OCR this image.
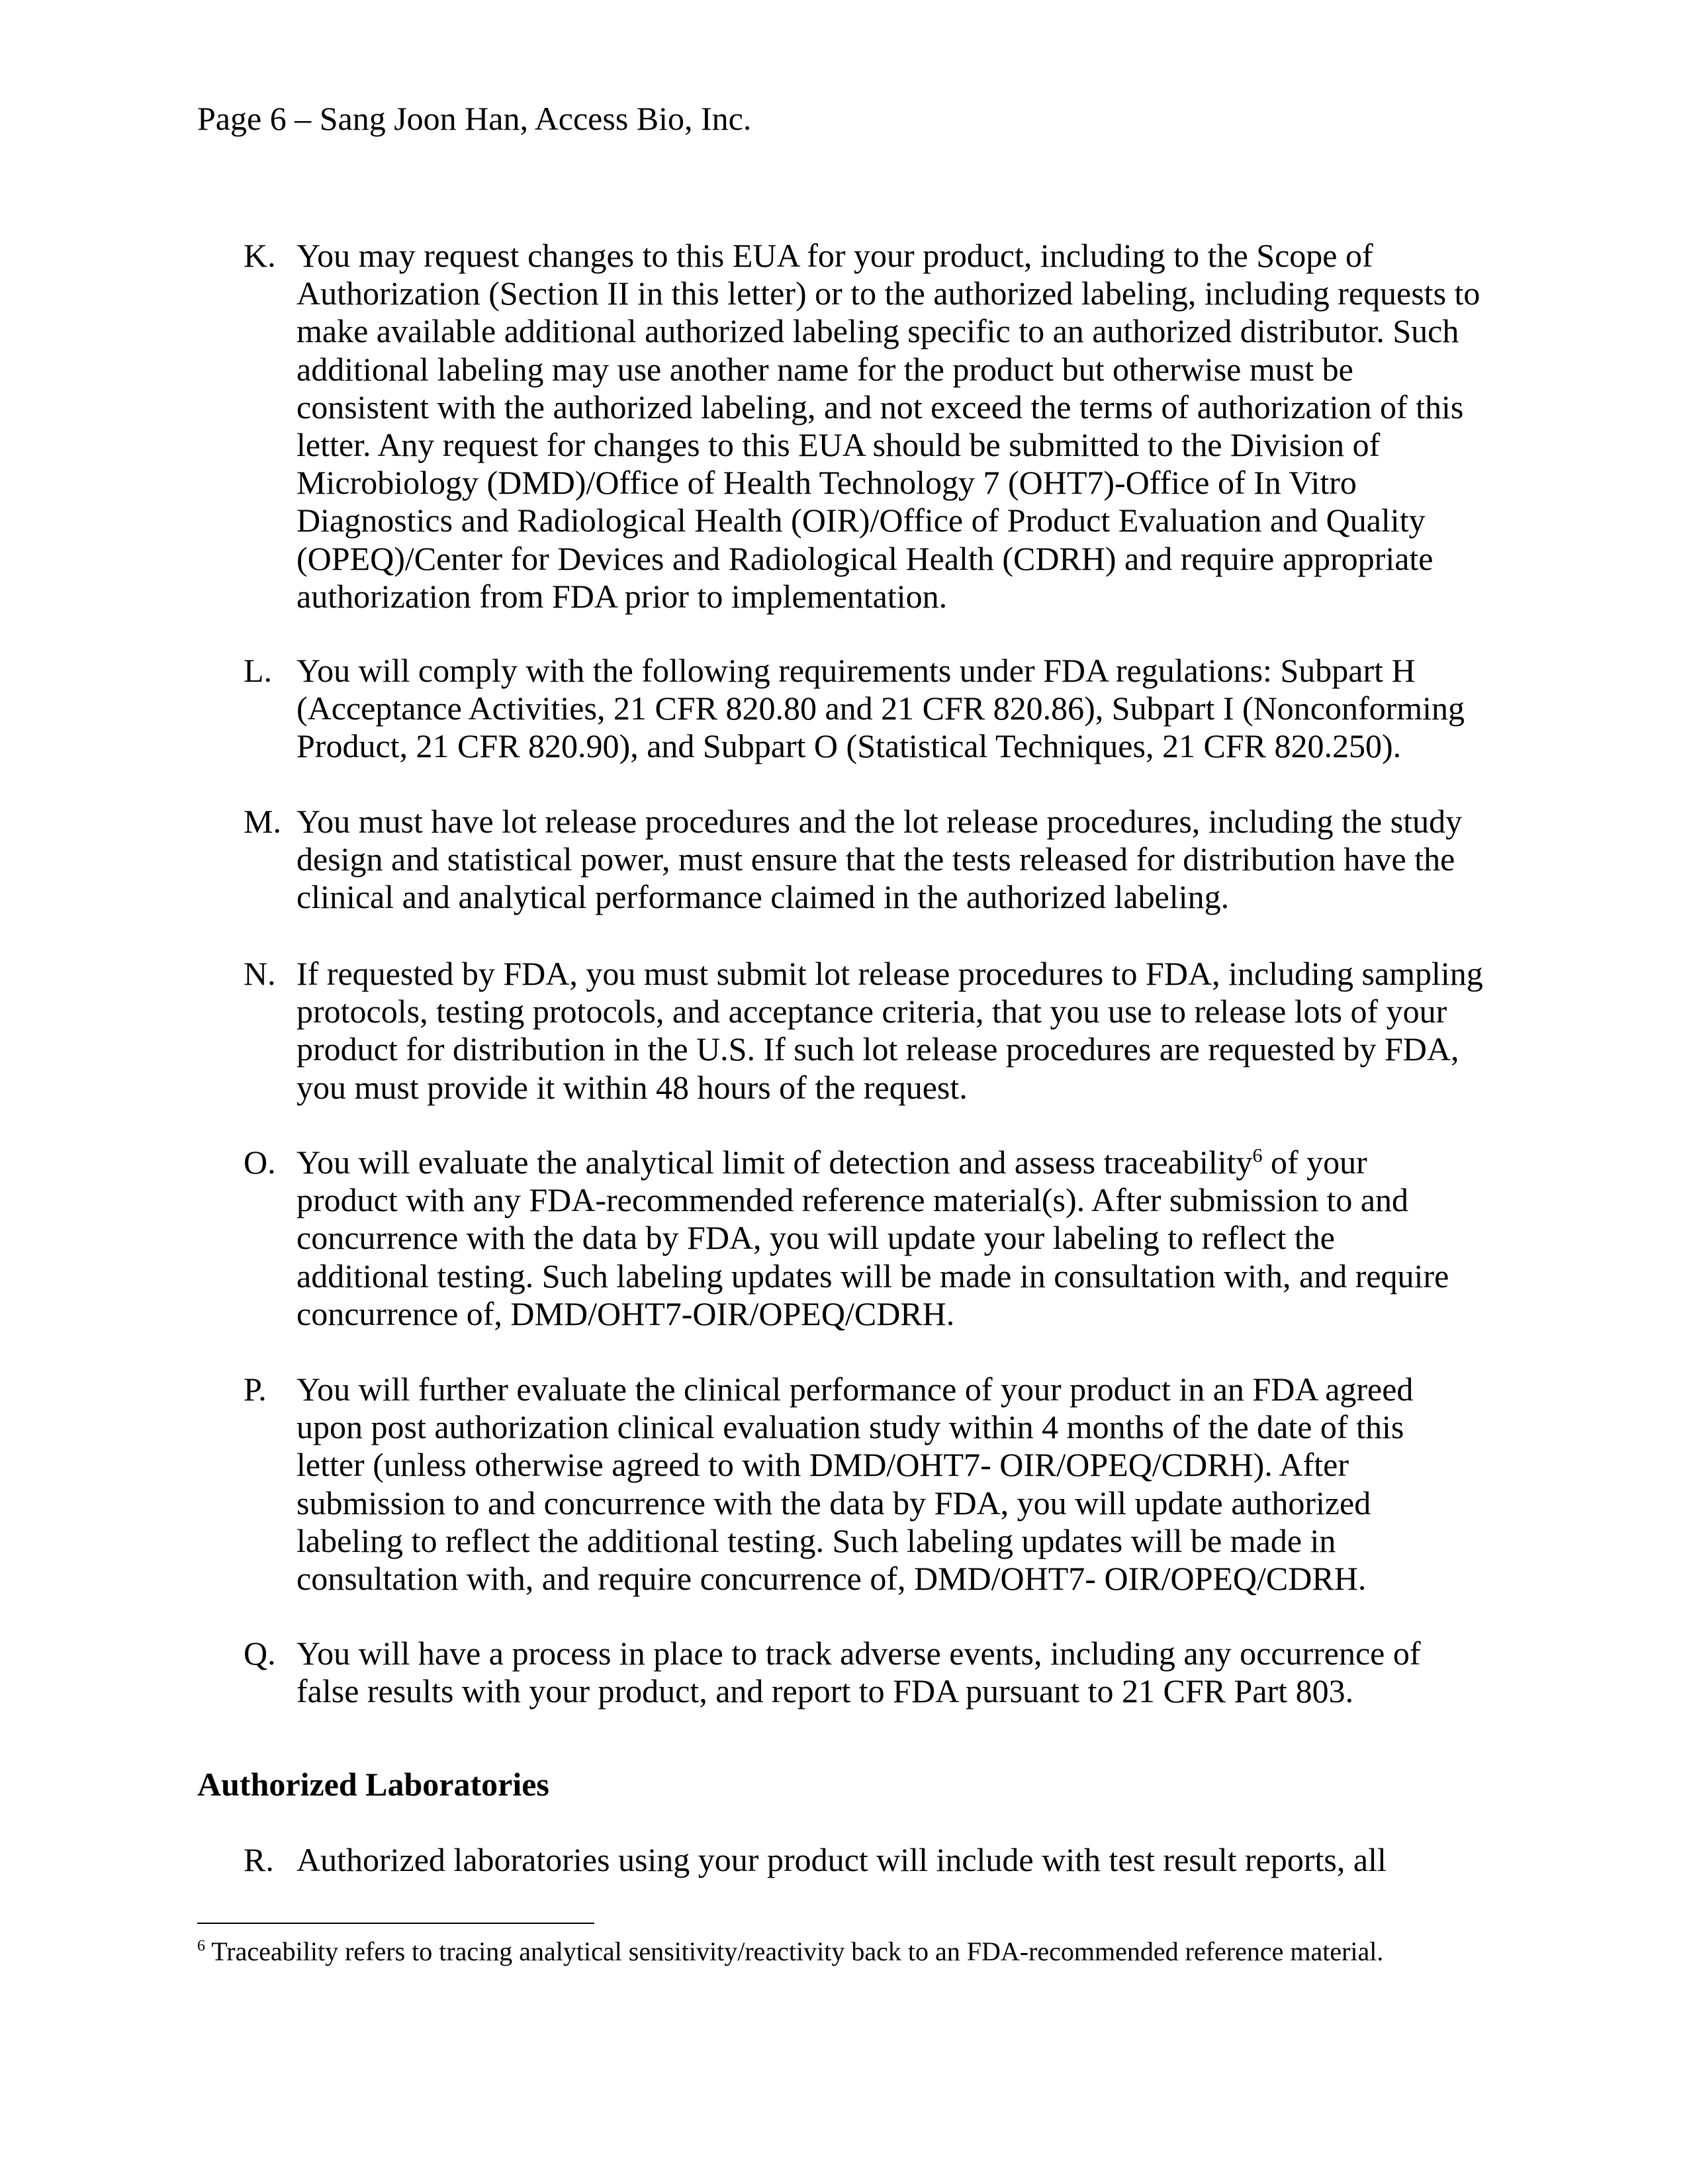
Page 6 – Sang Joon Han, Access Bio, Inc.
K. You may request changes to this EUA for your product, including to the Scope of
Authorization (Section II in this letter) or to the authorized labeling, including requests to
make available additional authorized labeling specific to an authorized distributor. Such
additional labeling may use another name for the product but otherwise must be
consistent with the authorized labeling, and not exceed the terms of authorization of this
letter. Any request for changes to this EUA should be submitted to the Division of
Microbiology (DMD)/Office of Health Technology 7 (OHT7)-Office of In Vitro
Diagnostics and Radiological Health (OIR)/Office of Product Evaluation and Quality
(OPEQ)/Center for Devices and Radiological Health (CDRH) and require appropriate
authorization from FDA prior to implementation.
L. You will comply with the following requirements under FDA regulations: Subpart H
(Acceptance Activities, 21 CFR 820.80 and 21 CFR 820.86), Subpart I (Nonconforming
Product, 21 CFR 820.90), and Subpart O (Statistical Techniques, 21 CFR 820.250).
M. You must have lot release procedures and the lot release procedures, including the study
design and statistical power, must ensure that the tests released for distribution have the
clinical and analytical performance claimed in the authorized labeling.
N. If requested by FDA, you must submit lot release procedures to FDA, including sampling
protocols, testing protocols, and acceptance criteria, that you use to release lots of your
product for distribution in the U.S. If such lot release procedures are requested by FDA,
you must provide it within 48 hours of the request.
O. You will evaluate the analytical limit of detection and assess traceability$^6$ of your
product with any FDA-recommended reference material(s). After submission to and
concurrence with the data by FDA, you will update your labeling to reflect the
additional testing. Such labeling updates will be made in consultation with, and require
concurrence of, DMD/OHT7-OIR/OPEQ/CDRH.
P. You will further evaluate the clinical performance of your product in an FDA agreed
upon post authorization clinical evaluation study within 4 months of the date of this
letter (unless otherwise agreed to with DMD/OHT7- OIR/OPEQ/CDRH). After
submission to and concurrence with the data by FDA, you will update authorized
labeling to reflect the additional testing. Such labeling updates will be made in
consultation with, and require concurrence of, DMD/OHT7- OIR/OPEQ/CDRH.
Q. You will have a process in place to track adverse events, including any occurrence of
false results with your product, and report to FDA pursuant to 21 CFR Part 803.
Authorized Laboratories
R. Authorized laboratories using your product will include with test result reports, all
$^6$ Traceability refers to tracing analytical sensitivity/reactivity back to an FDA-recommended reference material.
